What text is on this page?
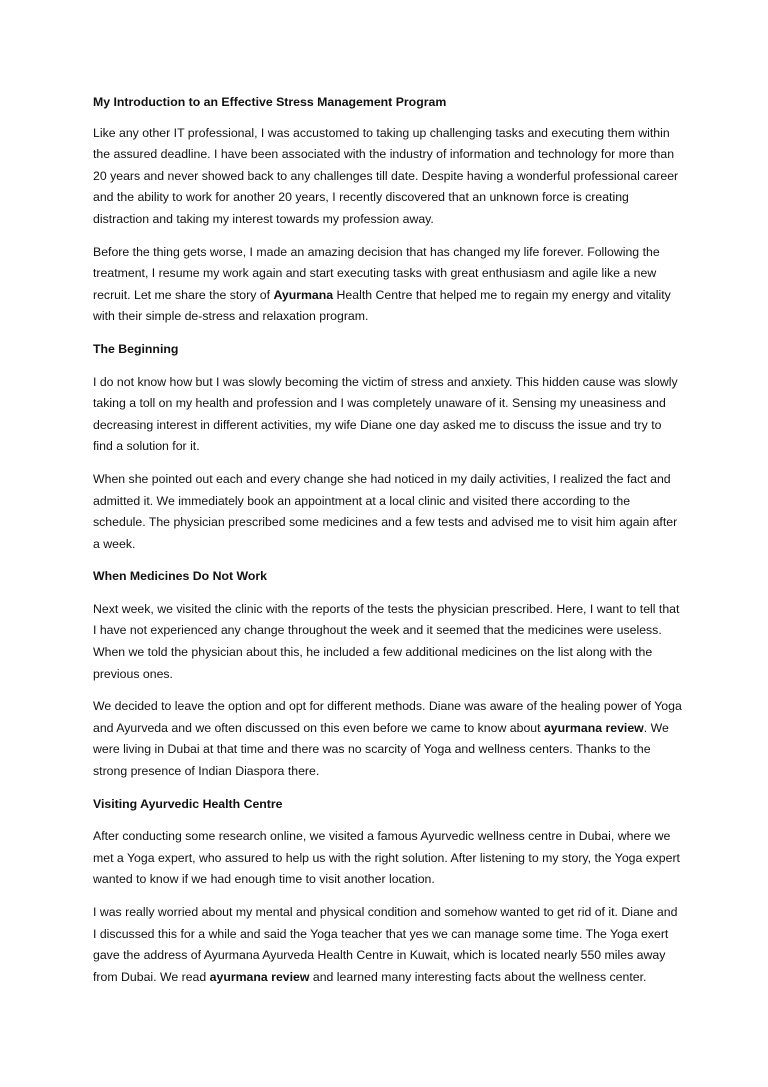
My Introduction to an Effective Stress Management Program

Like any other IT professional, I was accustomed to taking up challenging tasks and executing them within the assured deadline. I have been associated with the industry of information and technology for more than 20 years and never showed back to any challenges till date. Despite having a wonderful professional career and the ability to work for another 20 years, I recently discovered that an unknown force is creating distraction and taking my interest towards my profession away.

Before the thing gets worse, I made an amazing decision that has changed my life forever. Following the treatment, I resume my work again and start executing tasks with great enthusiasm and agile like a new recruit. Let me share the story of Ayurmana Health Centre that helped me to regain my energy and vitality with their simple de-stress and relaxation program.

The Beginning

I do not know how but I was slowly becoming the victim of stress and anxiety. This hidden cause was slowly taking a toll on my health and profession and I was completely unaware of it. Sensing my uneasiness and decreasing interest in different activities, my wife Diane one day asked me to discuss the issue and try to find a solution for it.

When she pointed out each and every change she had noticed in my daily activities, I realized the fact and admitted it. We immediately book an appointment at a local clinic and visited there according to the schedule. The physician prescribed some medicines and a few tests and advised me to visit him again after a week.

When Medicines Do Not Work

Next week, we visited the clinic with the reports of the tests the physician prescribed. Here, I want to tell that I have not experienced any change throughout the week and it seemed that the medicines were useless. When we told the physician about this, he included a few additional medicines on the list along with the previous ones.

We decided to leave the option and opt for different methods. Diane was aware of the healing power of Yoga and Ayurveda and we often discussed on this even before we came to know about ayurmana review. We were living in Dubai at that time and there was no scarcity of Yoga and wellness centers. Thanks to the strong presence of Indian Diaspora there.

Visiting Ayurvedic Health Centre

After conducting some research online, we visited a famous Ayurvedic wellness centre in Dubai, where we met a Yoga expert, who assured to help us with the right solution. After listening to my story, the Yoga expert wanted to know if we had enough time to visit another location.

I was really worried about my mental and physical condition and somehow wanted to get rid of it. Diane and I discussed this for a while and said the Yoga teacher that yes we can manage some time. The Yoga exert gave the address of Ayurmana Ayurveda Health Centre in Kuwait, which is located nearly 550 miles away from Dubai. We read ayurmana review and learned many interesting facts about the wellness center.
